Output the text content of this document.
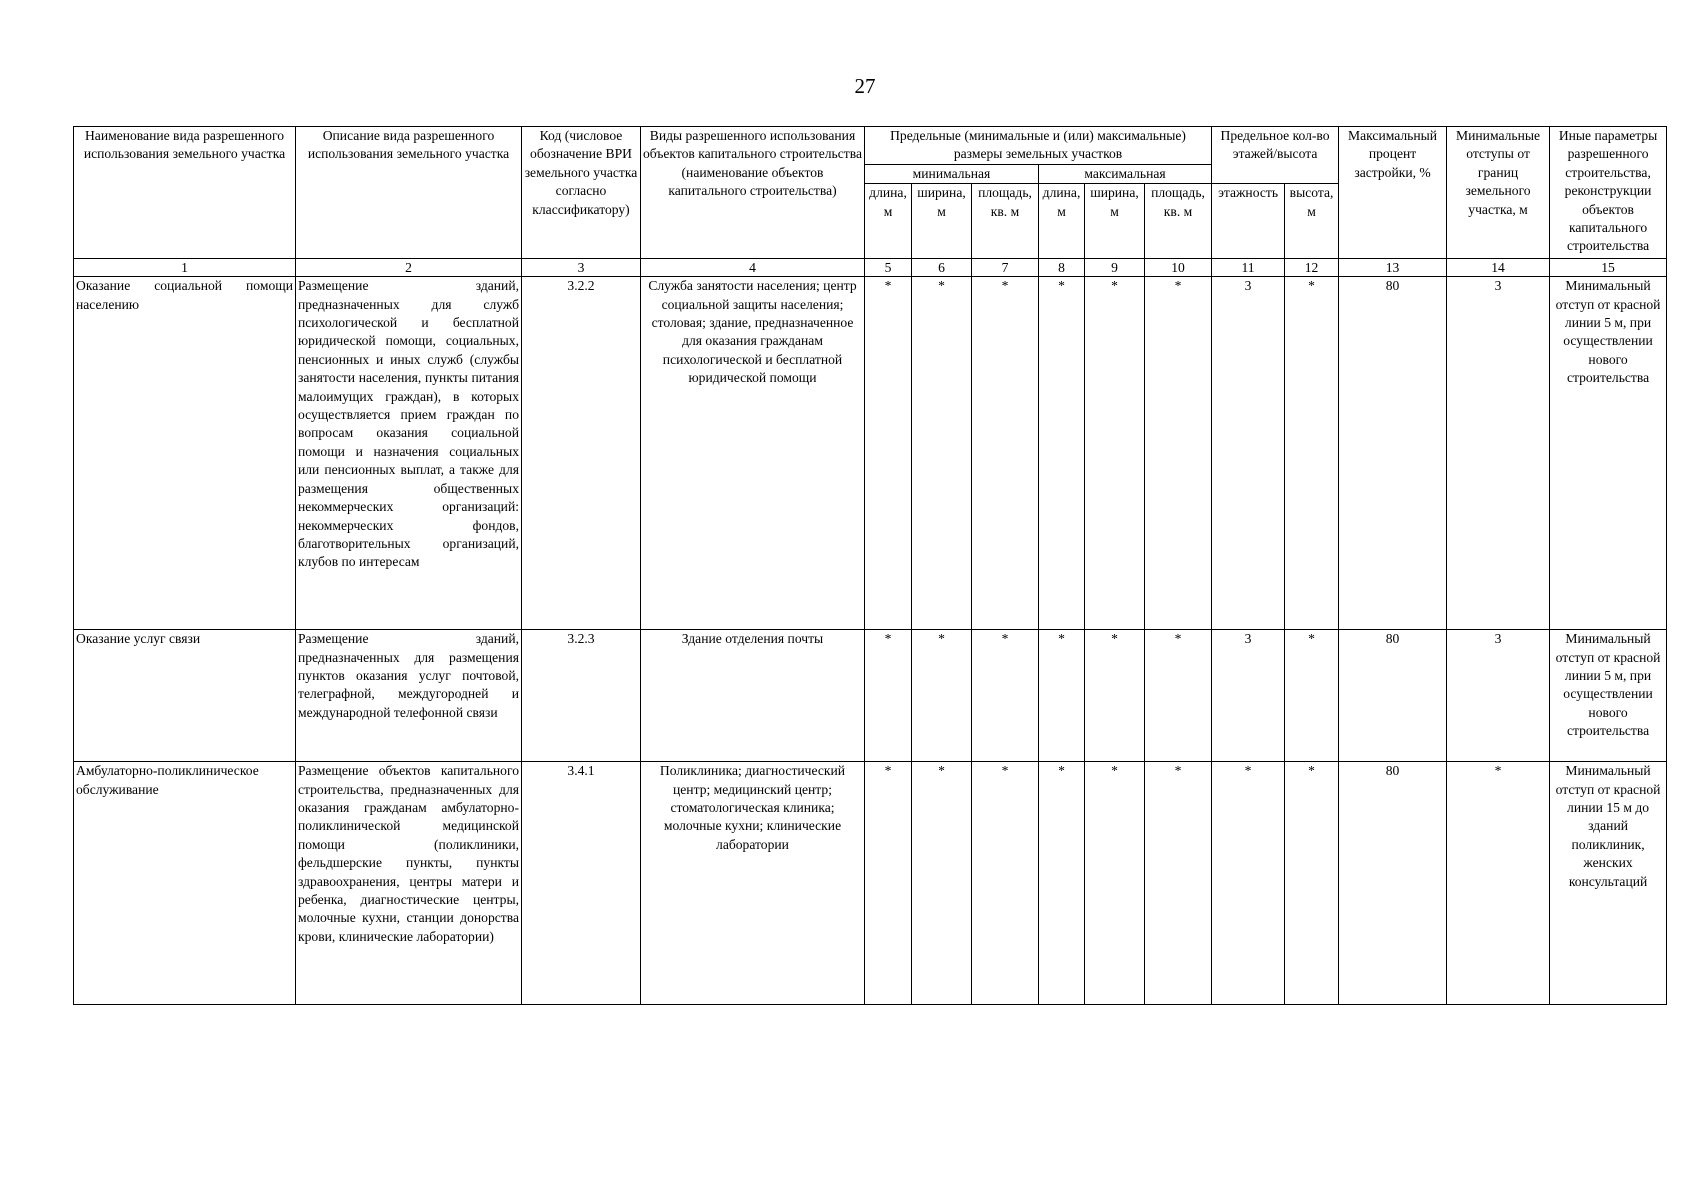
27
Наименование вида разрешенного использования земельного участка	Описание вида разрешенного использования земельного участка	Код (числовое обозначение ВРИ земельного участка согласно классификатору)	Виды разрешенного использования объектов капитального строительства (наименование объектов капитального строительства)	Предельные (минимальные и (или) максимальные) размеры земельных участков						Предельное кол-во этажей/высота		Максимальный процент застройки, %	Минимальные отступы от границ земельного участка, м	Иные параметры разрешенного строительства, реконструкции объектов капитального строительства

				минимальная			максимальная							
				длина, м	ширина, м	площадь, кв. м	длина, м	ширина, м	площадь, кв. м	этажность	высота, м			
1	2	3	4	5	6	7	8	9	10	11	12	13	14	15
Оказание социальной помощи населению	Размещение зданий, предназначенных для служб психологической и бесплатной юридической помощи, социальных, пенсионных и иных служб (службы занятости населения, пункты питания малоимущих граждан), в которых осуществляется прием граждан по вопросам оказания социальной помощи и назначения социальных или пенсионных выплат, а также для размещения общественных некоммерческих организаций: некоммерческих фондов, благотворительных организаций, клубов по интересам	3.2.2	Служба занятости населения; центр социальной защиты населения; столовая; здание, предназначенное для оказания гражданам психологической и бесплатной юридической помощи	*	*	*	*	*	*	3	*	80	3	Минимальный отступ от красной линии 5 м, при осуществлении нового строительства
Оказание услуг связи	Размещение зданий, предназначенных для размещения пунктов оказания услуг почтовой, телеграфной, междугородней и международной телефонной связи	3.2.3	Здание отделения почты	*	*	*	*	*	*	3	*	80	3	Минимальный отступ от красной линии 5 м, при осуществлении нового строительства
Амбулаторно-поликлиническое обслуживание	Размещение объектов капитального строительства, предназначенных для оказания гражданам амбулаторно-поликлинической медицинской помощи (поликлиники, фельдшерские пункты, пункты здравоохранения, центры матери и ребенка, диагностические центры, молочные кухни, станции донорства крови, клинические лаборатории)	3.4.1	Поликлиника; диагностический центр; медицинский центр; стоматологическая клиника; молочные кухни; клинические лаборатории	*	*	*	*	*	*	*	*	80	*	Минимальный отступ от красной линии 15 м до зданий поликлиник, женских консультаций
